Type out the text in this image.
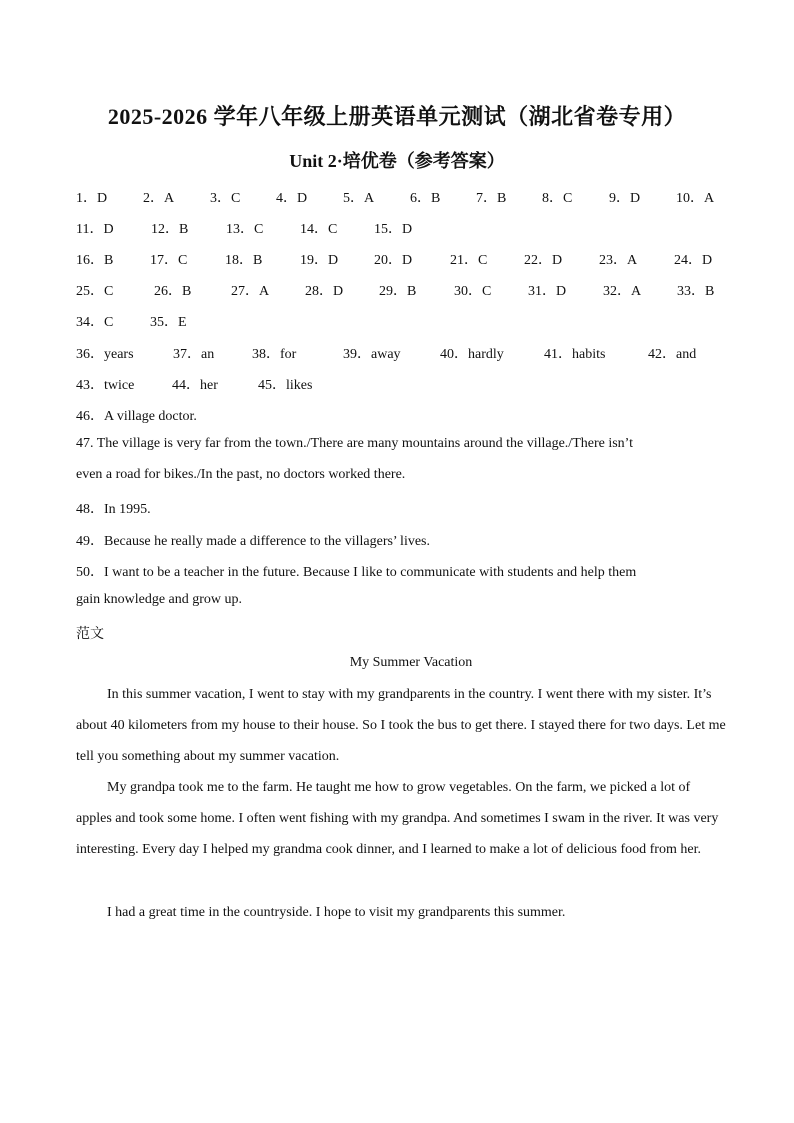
2025-2026 学年八年级上册英语单元测试（湖北省卷专用）
Unit 2·培优卷（参考答案）
1．D	2．A	3．C	4．D	5．A	6．B	7．B	8．C	9．D	10．A
11．D	12．B	13．C	14．C	15．D
16．B	17．C	18．B	19．D	20．D	21．C	22．D	23．A	24．D
25．C	26．B	27．A	28．D	29．B	30．C	31．D	32．A	33．B
34．C	35．E
36．years	37．an	38．for	39．away	40．hardly	41．habits	42．and
43．twice	44．her	45．likes
46．A village doctor.
47. The village is very far from the town./There are many mountains around the village./There isn’t
even a road for bikes./In the past, no doctors worked there.
48．In 1995.
49．Because he really made a difference to the villagers’ lives.
50．I want to be a teacher in the future. Because I like to communicate with students and help them
gain knowledge and grow up.
范文
My Summer Vacation
In this summer vacation, I went to stay with my grandparents in the country. I went there with my sister. It’s about 40 kilometers from my house to their house. So I took the bus to get there. I stayed there for two days. Let me tell you something about my summer vacation.
My grandpa took me to the farm. He taught me how to grow vegetables. On the farm, we picked a lot of apples and took some home. I often went fishing with my grandpa. And sometimes I swam in the river. It was very interesting. Every day I helped my grandma cook dinner, and I learned to make a lot of delicious food from her.
I had a great time in the countryside. I hope to visit my grandparents this summer.
